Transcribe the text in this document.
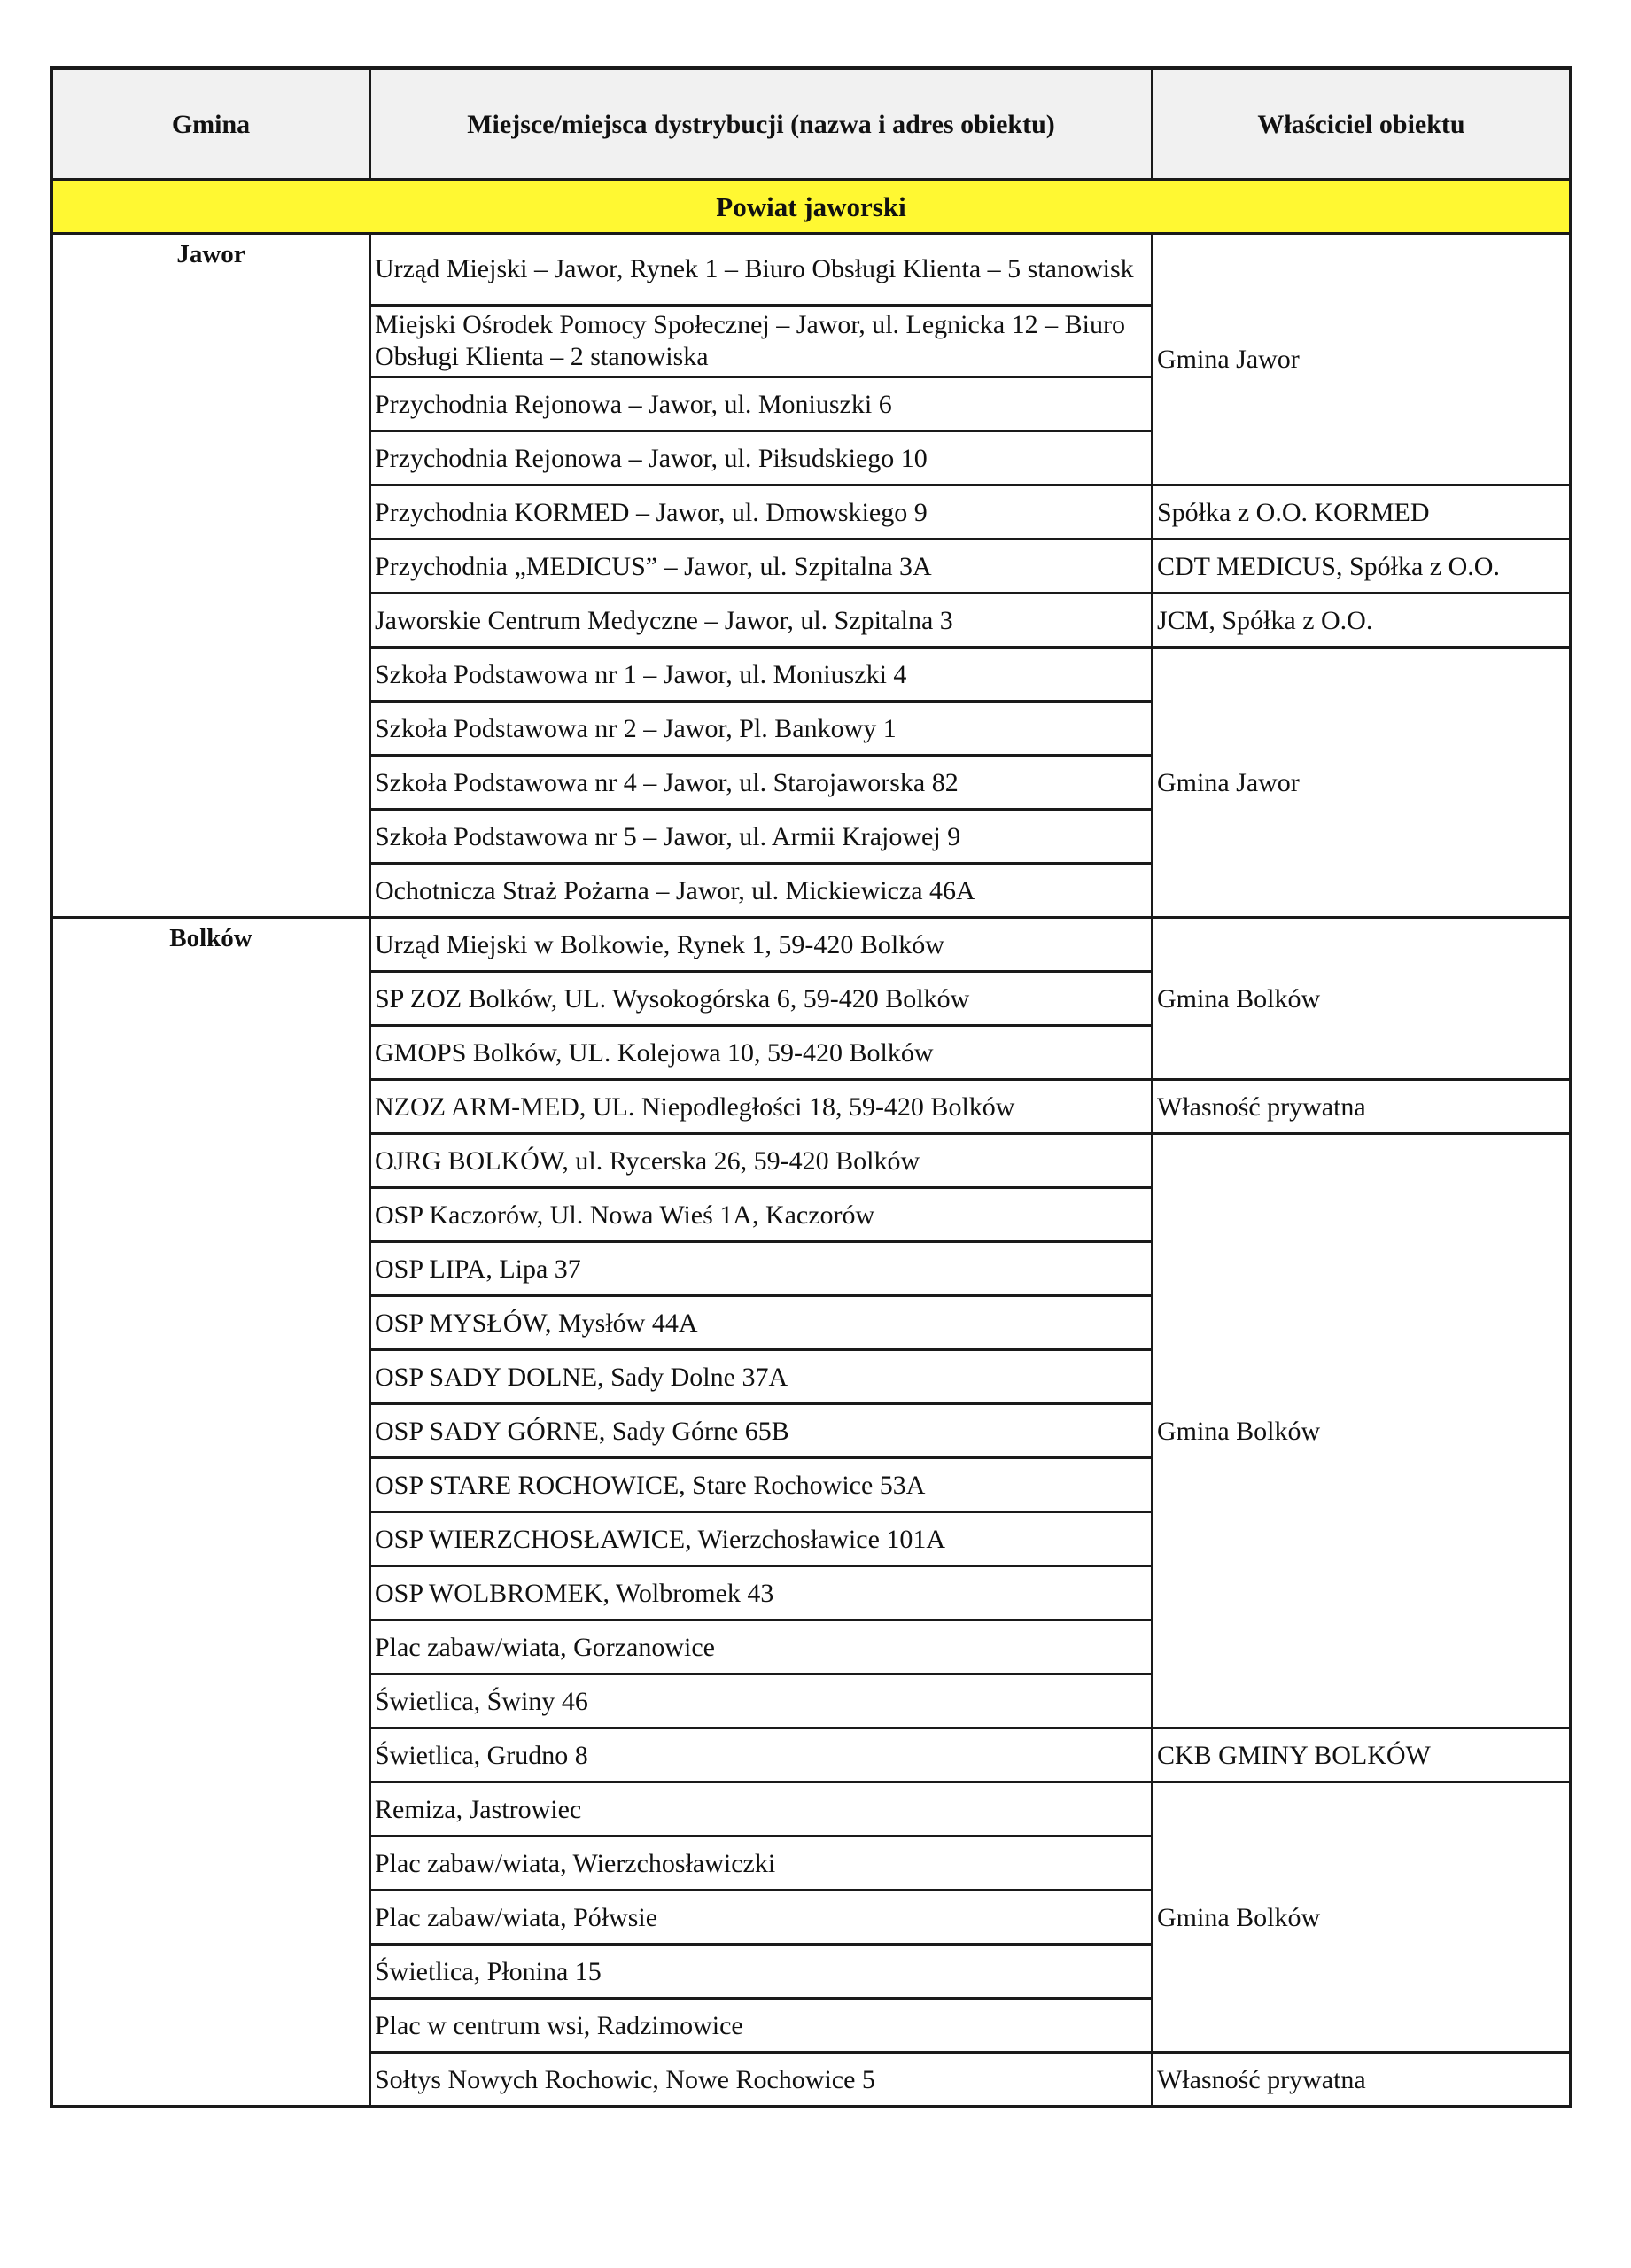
Gmina	Miejsce/miejsca dystrybucji (nazwa i adres obiektu)	Właściciel obiektu
Powiat jaworski		
Jawor	Urząd Miejski – Jawor, Rynek 1 – Biuro Obsługi Klienta – 5 stanowisk	Gmina Jawor
	Miejski Ośrodek Pomocy Społecznej – Jawor, ul. Legnicka 12 – Biuro Obsługi Klienta – 2 stanowiska	
	Przychodnia Rejonowa – Jawor, ul. Moniuszki 6	
	Przychodnia Rejonowa – Jawor, ul. Piłsudskiego 10	
	Przychodnia KORMED – Jawor, ul. Dmowskiego 9	Spółka z O.O. KORMED
	Przychodnia „MEDICUS” – Jawor, ul. Szpitalna 3A	CDT MEDICUS, Spółka z O.O.
	Jaworskie Centrum Medyczne – Jawor, ul. Szpitalna 3	JCM, Spółka z O.O.
	Szkoła Podstawowa nr 1 – Jawor, ul. Moniuszki 4	Gmina Jawor
	Szkoła Podstawowa nr 2 – Jawor, Pl. Bankowy 1	
	Szkoła Podstawowa nr 4 – Jawor, ul. Starojaworska 82	
	Szkoła Podstawowa nr 5 – Jawor, ul. Armii Krajowej 9	
	Ochotnicza Straż Pożarna – Jawor, ul. Mickiewicza 46A	
Bolków	Urząd Miejski w Bolkowie, Rynek 1, 59-420 Bolków	Gmina Bolków
	SP ZOZ Bolków, UL. Wysokogórska 6, 59-420 Bolków	
	GMOPS Bolków, UL. Kolejowa 10, 59-420 Bolków	
	NZOZ ARM-MED, UL. Niepodległości 18, 59-420 Bolków	Własność prywatna
	OJRG BOLKÓW, ul. Rycerska 26, 59-420 Bolków	Gmina Bolków
	OSP Kaczorów, Ul. Nowa Wieś 1A, Kaczorów	
	OSP LIPA, Lipa 37	
	OSP MYSŁÓW, Mysłów 44A	
	OSP SADY DOLNE, Sady Dolne 37A	
	OSP SADY GÓRNE, Sady Górne 65B	
	OSP STARE ROCHOWICE, Stare Rochowice 53A	
	OSP WIERZCHOSŁAWICE, Wierzchosławice 101A	
	OSP WOLBROMEK, Wolbromek 43	
	Plac zabaw/wiata, Gorzanowice	
	Świetlica, Świny 46	
	Świetlica, Grudno 8	CKB GMINY BOLKÓW
	Remiza, Jastrowiec	Gmina Bolków
	Plac zabaw/wiata, Wierzchosławiczki	
	Plac zabaw/wiata, Półwsie	
	Świetlica, Płonina 15	
	Plac w centrum wsi, Radzimowice	
	Sołtys Nowych Rochowic, Nowe Rochowice 5	Własność prywatna
